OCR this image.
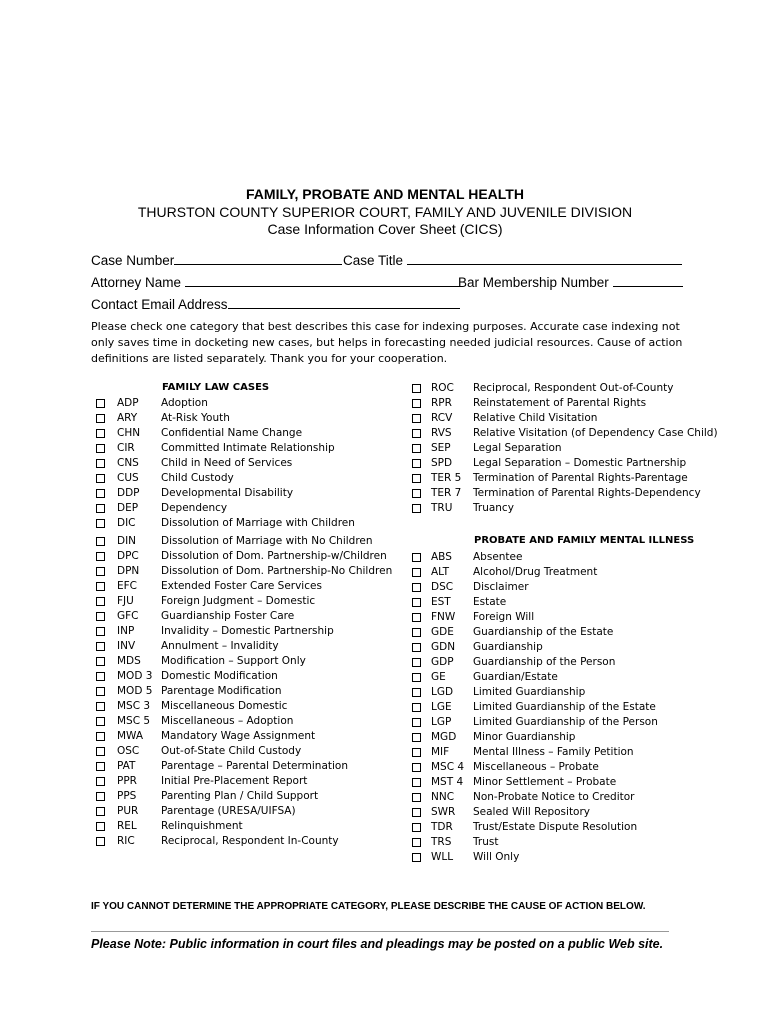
FAMILY, PROBATE AND MENTAL HEALTH
THURSTON COUNTY SUPERIOR COURT, FAMILY AND JUVENILE DIVISION
Case Information Cover Sheet (CICS)
Case Number	Case Title
Attorney Name	Bar Membership Number
Contact Email Address
Please check one category that best describes this case for indexing purposes. Accurate case indexing not only saves time in docketing new cases, but helps in forecasting needed judicial resources. Cause of action definitions are listed separately. Thank you for your cooperation.
FAMILY LAW CASES
PROBATE AND FAMILY MENTAL ILLNESS
ADP Adoption
ARY At-Risk Youth
CHN Confidential Name Change
CIR	Committed Intimate Relationship
CNS Child in Need of Services
CUS Child Custody
DDP Developmental Disability
DEP Dependency
DIC Dissolution of Marriage with Children
DIN Dissolution of Marriage with No Children
DPC Dissolution of Dom. Partnership-w/Children
DPN Dissolution of Dom. Partnership-No Children
EFC Extended Foster Care Services
FJU	Foreign Judgment – Domestic
GFC Guardianship Foster Care
INP	Invalidity – Domestic Partnership
INV Annulment – Invalidity
MDS Modification – Support Only
MOD 3 Domestic Modification
MOD 5 Parentage Modification
MSC 3 Miscellaneous Domestic
MSC 5 Miscellaneous – Adoption
MWA Mandatory Wage Assignment
OSC Out-of-State Child Custody
PAT Parentage – Parental Determination
PPR Initial Pre-Placement Report
PPS Parenting Plan / Child Support
PUR Parentage (URESA/UIFSA)
REL Relinquishment
RIC	Reciprocal, Respondent In-County
ROC Reciprocal, Respondent Out-of-County
RPR Reinstatement of Parental Rights
RCV Relative Child Visitation
RVS Relative Visitation (of Dependency Case Child)
SEP Legal Separation
SPD Legal Separation – Domestic Partnership
TER 5 Termination of Parental Rights-Parentage
TER 7 Termination of Parental Rights-Dependency
TRU Truancy
ABS Absentee
ALT Alcohol/Drug Treatment
DSC Disclaimer
EST Estate
FNW Foreign Will
GDE Guardianship of the Estate
GDN Guardianship
GDP Guardianship of the Person
GE	Guardian/Estate
LGD Limited Guardianship
LGE Limited Guardianship of the Estate
LGP Limited Guardianship of the Person
MGD Minor Guardianship
MIF Mental Illness – Family Petition
MSC 4 Miscellaneous – Probate
MST 4 Minor Settlement – Probate
NNC Non-Probate Notice to Creditor
SWR Sealed Will Repository
TDR Trust/Estate Dispute Resolution
TRS Trust
WLL Will Only
IF YOU CANNOT DETERMINE THE APPROPRIATE CATEGORY, PLEASE DESCRIBE THE CAUSE OF ACTION BELOW.
Please Note: Public information in court files and pleadings may be posted on a public Web site.
